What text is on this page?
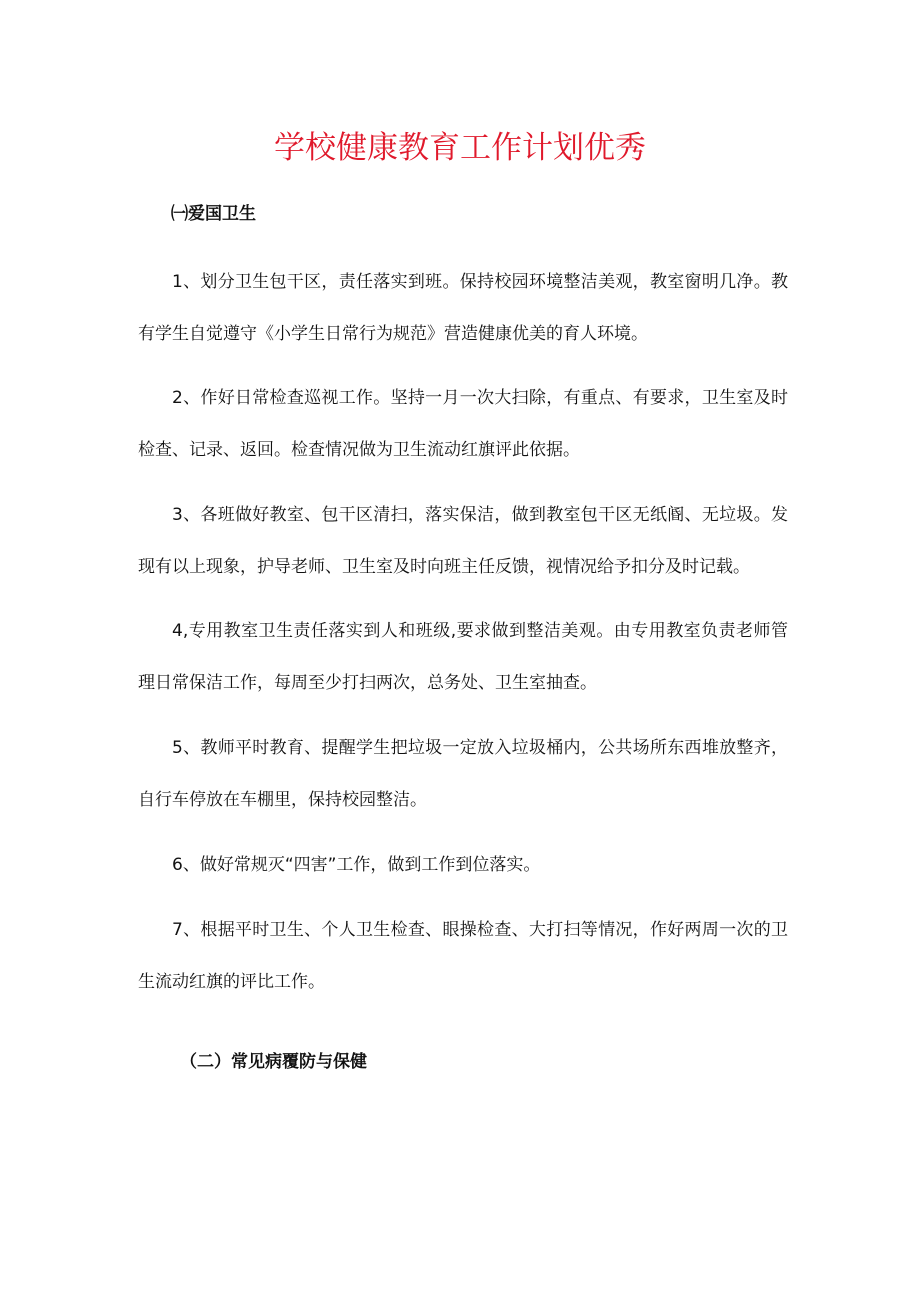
学校健康教育工作计划优秀
㈠爱国卫生

1、划分卫生包干区，责任落实到班。保持校园环境整洁美观，教室窗明几净。教有学生自觉遵守《小学生日常行为规范》营造健康优美的育人环境。

2、作好日常检查巡视工作。坚持一月一次大扫除，有重点、有要求，卫生室及时检查、记录、返回。检查情况做为卫生流动红旗评此依据。

3、各班做好教室、包干区清扫，落实保洁，做到教室包干区无纸阍、无垃圾。发现有以上现象，护导老师、卫生室及时向班主任反馈，视情况给予扣分及时记载。

4,专用教室卫生责任落实到人和班级,要求做到整洁美观。由专用教室负责老师管理日常保洁工作，每周至少打扫两次，总务处、卫生室抽查。

5、教师平时教育、提醒学生把垃圾一定放入垃圾桶内，公共场所东西堆放整齐，自行车停放在车棚里，保持校园整洁。

6、做好常规灭“四害”工作，做到工作到位落实。

7、根据平时卫生、个人卫生检查、眼操检查、大打扫等情况，作好两周一次的卫生流动红旗的评比工作。

（二）常见病覆防与保健
